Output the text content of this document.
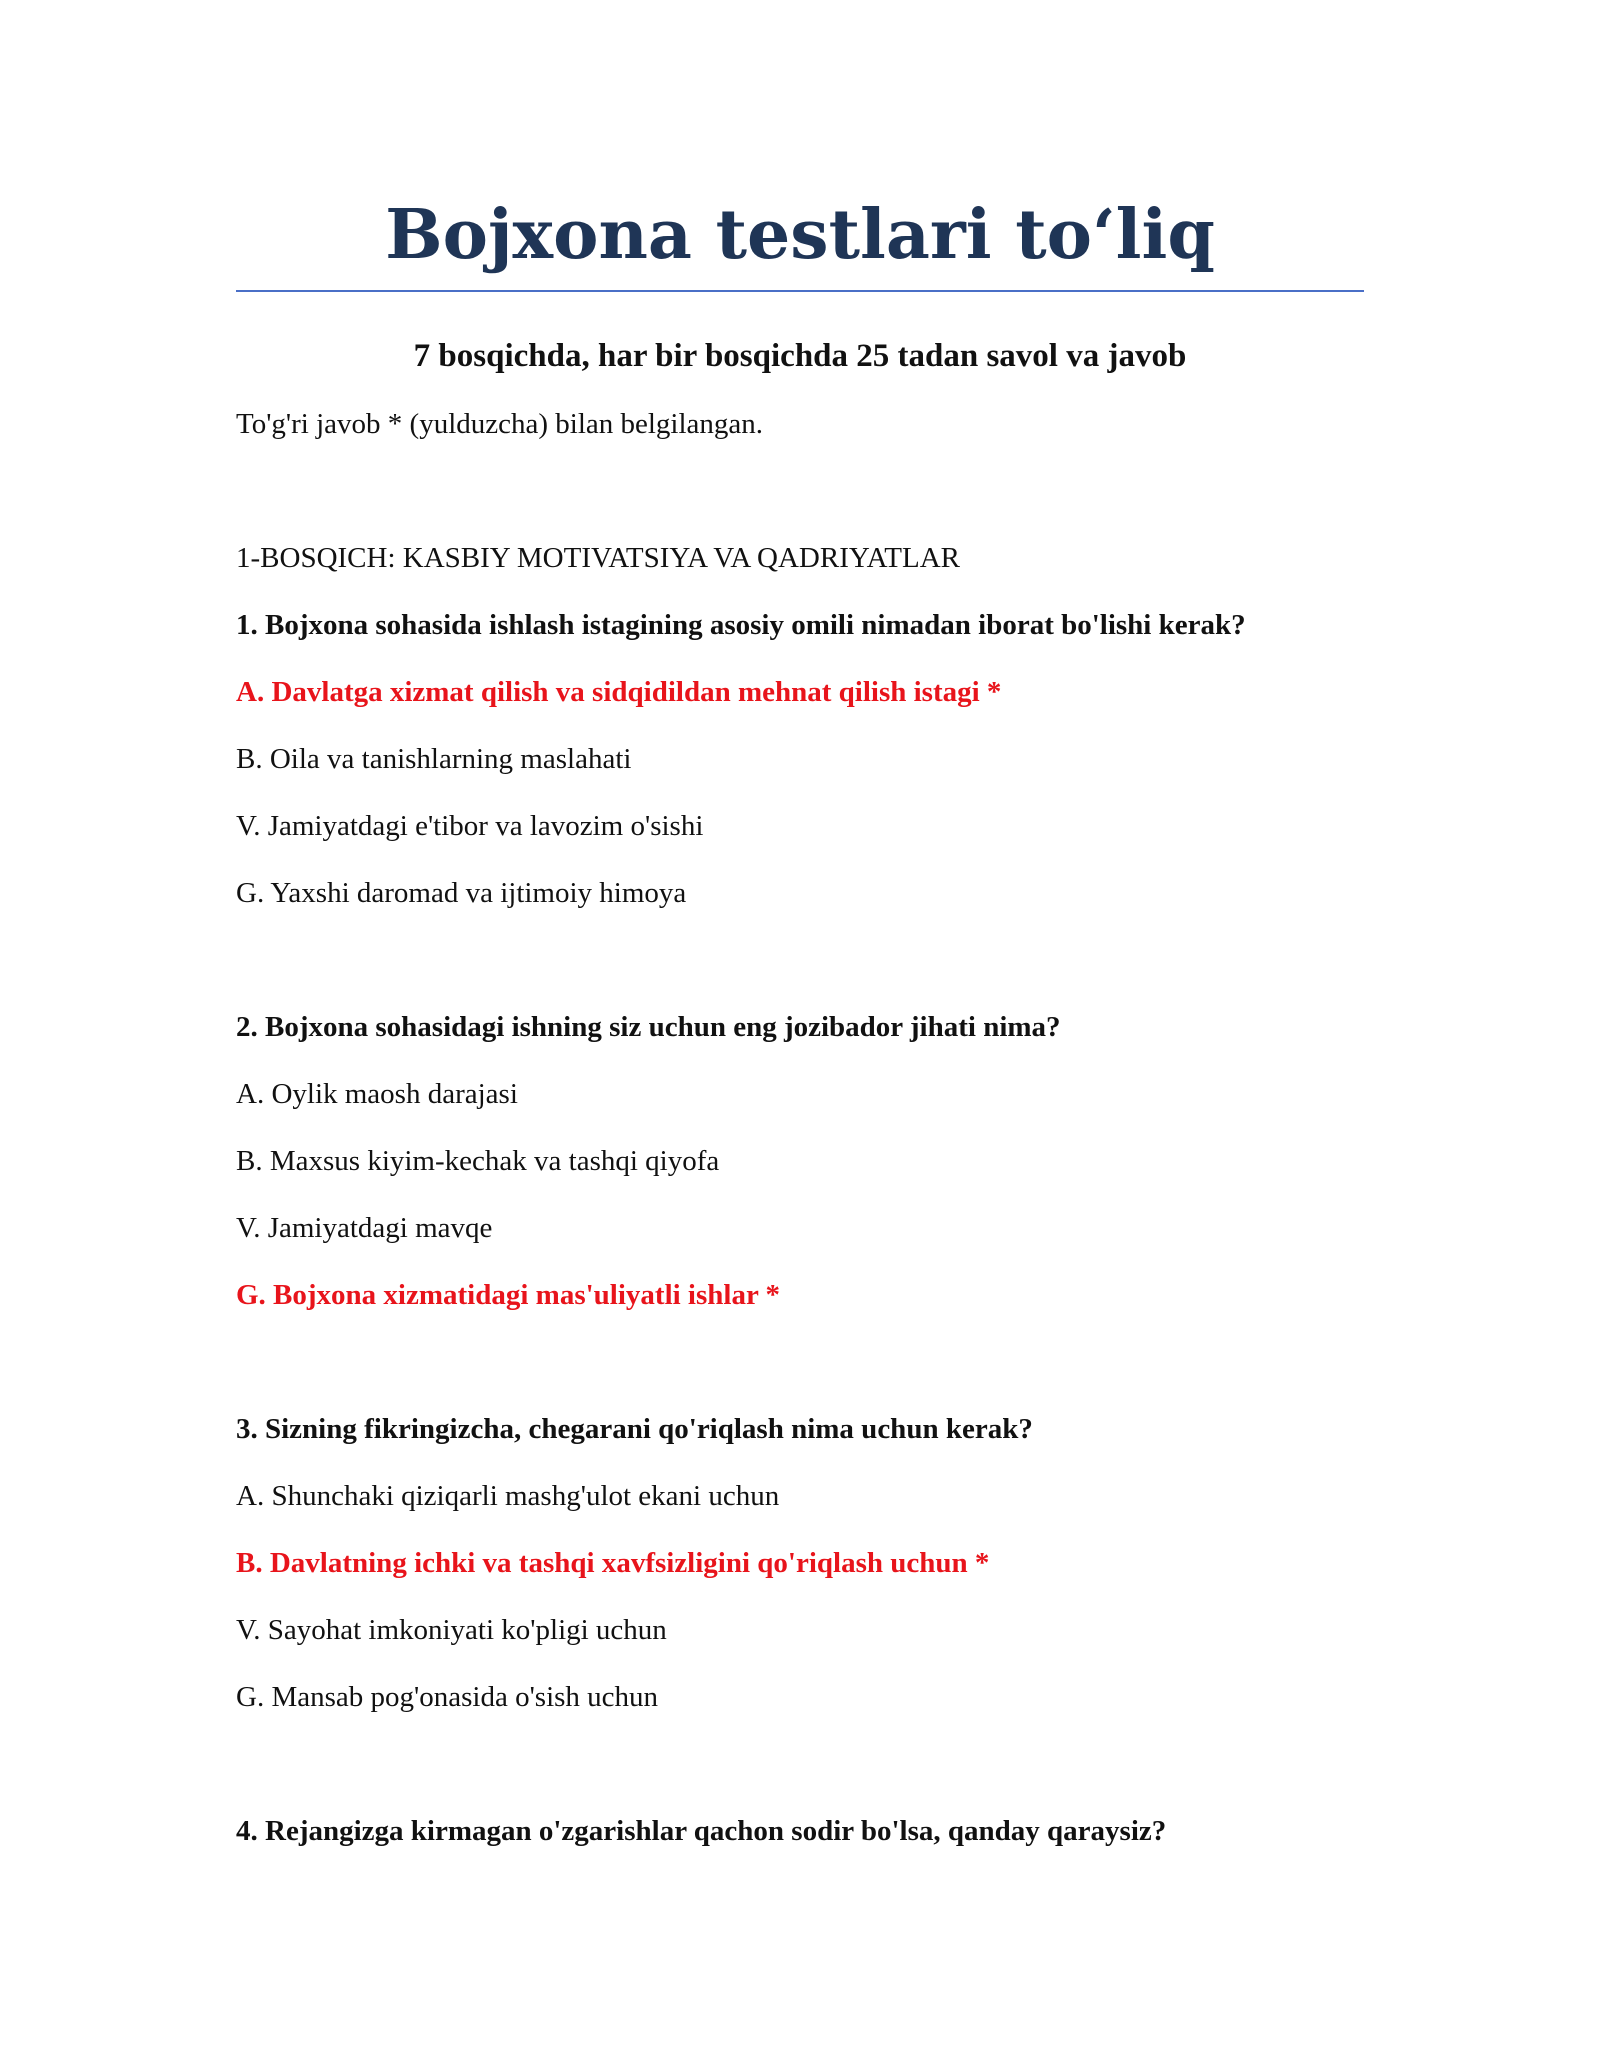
Bojxona testlari to‘liq
7 bosqichda, har bir bosqichda 25 tadan savol va javob
To'g'ri javob * (yulduzcha) bilan belgilangan.
1-BOSQICH: KASBIY MOTIVATSIYA VA QADRIYATLAR
1. Bojxona sohasida ishlash istagining asosiy omili nimadan iborat bo'lishi kerak?
A. Davlatga xizmat qilish va sidqidildan mehnat qilish istagi *
B. Oila va tanishlarning maslahati
V. Jamiyatdagi e'tibor va lavozim o'sishi
G. Yaxshi daromad va ijtimoiy himoya
2. Bojxona sohasidagi ishning siz uchun eng jozibador jihati nima?
A. Oylik maosh darajasi
B. Maxsus kiyim-kechak va tashqi qiyofa
V. Jamiyatdagi mavqe
G. Bojxona xizmatidagi mas'uliyatli ishlar *
3. Sizning fikringizcha, chegarani qo'riqlash nima uchun kerak?
A. Shunchaki qiziqarli mashg'ulot ekani uchun
B. Davlatning ichki va tashqi xavfsizligini qo'riqlash uchun *
V. Sayohat imkoniyati ko'pligi uchun
G. Mansab pog'onasida o'sish uchun
4. Rejangizga kirmagan o'zgarishlar qachon sodir bo'lsa, qanday qaraysiz?
